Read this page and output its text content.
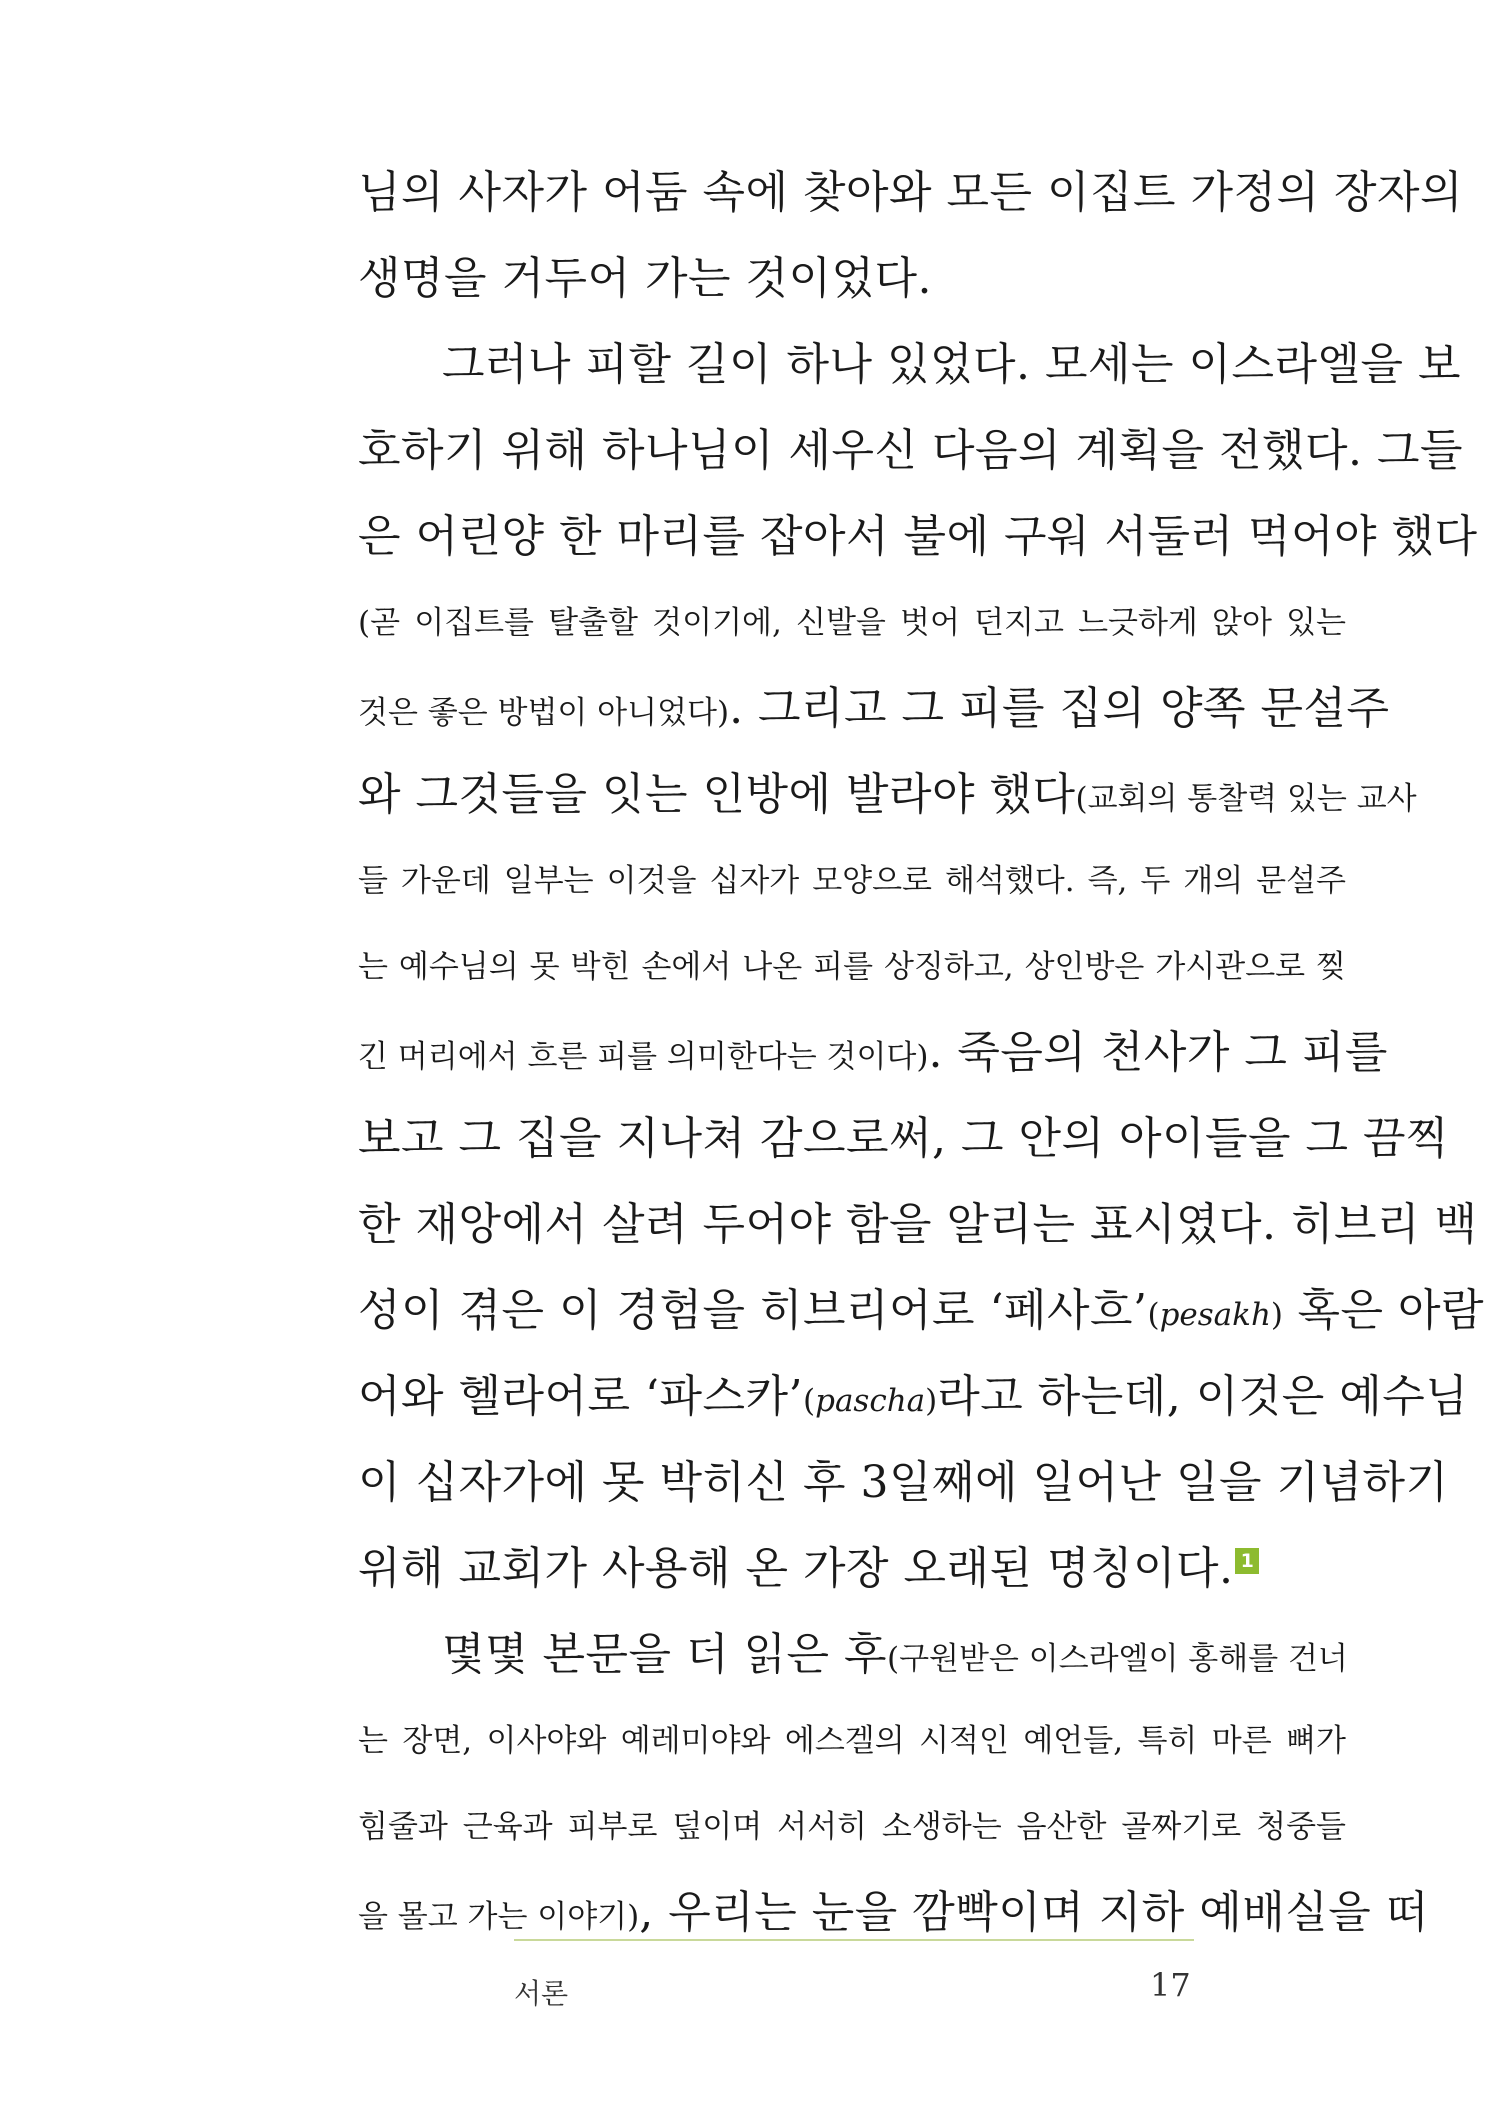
님의 사자가 어둠 속에 찾아와 모든 이집트 가정의 장자의
생명을 거두어 가는 것이었다.
그러나 피할 길이 하나 있었다. 모세는 이스라엘을 보
호하기 위해 하나님이 세우신 다음의 계획을 전했다. 그들
은 어린양 한 마리를 잡아서 불에 구워 서둘러 먹어야 했다
(곧 이집트를 탈출할 것이기에, 신발을 벗어 던지고 느긋하게 앉아 있는
것은 좋은 방법이 아니었다). 그리고 그 피를 집의 양쪽 문설주
와 그것들을 잇는 인방에 발라야 했다(교회의 통찰력 있는 교사
들 가운데 일부는 이것을 십자가 모양으로 해석했다. 즉, 두 개의 문설주
는 예수님의 못 박힌 손에서 나온 피를 상징하고, 상인방은 가시관으로 찢
긴 머리에서 흐른 피를 의미한다는 것이다). 죽음의 천사가 그 피를
보고 그 집을 지나쳐 감으로써, 그 안의 아이들을 그 끔찍
한 재앙에서 살려 두어야 함을 알리는 표시였다. 히브리 백
성이 겪은 이 경험을 히브리어로 ‘페사흐’(pesakh) 혹은 아람
어와 헬라어로 ‘파스카’(pascha)라고 하는데, 이것은 예수님
이 십자가에 못 박히신 후 3일째에 일어난 일을 기념하기
위해 교회가 사용해 온 가장 오래된 명칭이다. 1
몇몇 본문을 더 읽은 후(구원받은 이스라엘이 홍해를 건너
는 장면, 이사야와 예레미야와 에스겔의 시적인 예언들, 특히 마른 뼈가
힘줄과 근육과 피부로 덮이며 서서히 소생하는 음산한 골짜기로 청중들
을 몰고 가는 이야기), 우리는 눈을 깜빡이며 지하 예배실을 떠
서론	17
